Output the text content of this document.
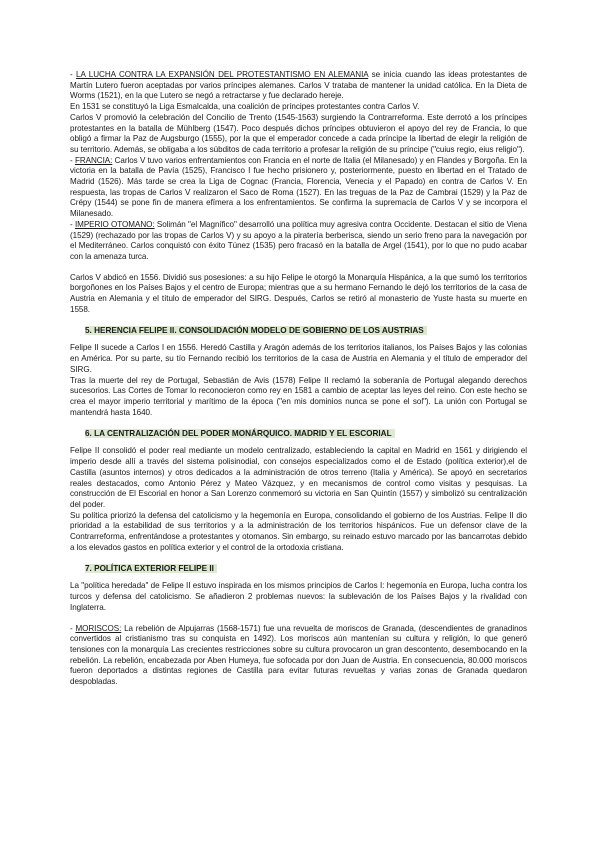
- LA LUCHA CONTRA LA EXPANSIÓN DEL PROTESTANTISMO EN ALEMANIA se inicia cuando las ideas protestantes de Martín Lutero fueron aceptadas por varios príncipes alemanes. Carlos V trataba de mantener la unidad católica. En la Dieta de Worms (1521), en la que Lutero se negó a retractarse y fue declarado hereje.

En 1531 se constituyó la Liga Esmalcalda, una coalición de príncipes protestantes contra Carlos V.

Carlos V promovió la celebración del Concilio de Trento (1545-1563) surgiendo la Contrarreforma. Este derrotó a los príncipes protestantes en la batalla de Mühlberg (1547). Poco después dichos príncipes obtuvieron el apoyo del rey de Francia, lo que obligó a firmar la Paz de Augsburgo (1555), por la que el emperador concede a cada príncipe la libertad de elegir la religión de su territorio. Además, se obligaba a los súbditos de cada territorio a profesar la religión de su príncipe ("cuius regio, eius religio").

- FRANCIA: Carlos V tuvo varios enfrentamientos con Francia en el norte de Italia (el Milanesado) y en Flandes y Borgoña. En la victoria en la batalla de Pavía (1525), Francisco I fue hecho prisionero y, posteriormente, puesto en libertad en el Tratado de Madrid (1526). Más tarde se crea la Liga de Cognac (Francia, Florencia, Venecia y el Papado) en contra de Carlos V. En respuesta, las tropas de Carlos V realizaron el Saco de Roma (1527). En las treguas de la Paz de Cambrai (1529) y la Paz de Crépy (1544) se pone fin de manera efímera a los enfrentamientos. Se confirma la supremacía de Carlos V y se incorpora el Milanesado.

- IMPERIO OTOMANO: Solimán "el Magnífico" desarrolló una política muy agresiva contra Occidente. Destacan el sitio de Viena (1529) (rechazado por las tropas de Carlos V) y su apoyo a la piratería berberisca, siendo un serio freno para la navegación por el Mediterráneo. Carlos conquistó con éxito Túnez (1535) pero fracasó en la batalla de Argel (1541), por lo que no pudo acabar con la amenaza turca.

Carlos V abdicó en 1556. Dividió sus posesiones: a su hijo Felipe le otorgó la Monarquía Hispánica, a la que sumó los territorios borgoñones en los Países Bajos y el centro de Europa; mientras que a su hermano Fernando le dejó los territorios de la casa de Austria en Alemania y el título de emperador del SIRG. Después, Carlos se retiró al monasterio de Yuste hasta su muerte en 1558.

5. HERENCIA FELIPE II. CONSOLIDACIÓN MODELO DE GOBIERNO DE LOS AUSTRIAS

Felipe II sucede a Carlos I en 1556. Heredó Castilla y Aragón además de los territorios italianos, los Países Bajos y las colonias en América. Por su parte, su tío Fernando recibió los territorios de la casa de Austria en Alemania y el título de emperador del SIRG.

Tras la muerte del rey de Portugal, Sebastián de Avis (1578) Felipe II reclamó la soberanía de Portugal alegando derechos sucesorios. Las Cortes de Tomar lo reconocieron como rey en 1581 a cambio de aceptar las leyes del reino. Con este hecho se crea el mayor imperio territorial y marítimo de la época ("en mis dominios nunca se pone el sol"). La unión con Portugal se mantendrá hasta 1640.

6. LA CENTRALIZACIÓN DEL PODER MONÁRQUICO. MADRID Y EL ESCORIAL

Felipe II consolidó el poder real mediante un modelo centralizado, estableciendo la capital en Madrid en 1561 y dirigiendo el imperio desde allí a través del sistema polisinodial, con consejos especializados como el de Estado (política exterior),el de Castilla (asuntos internos) y otros dedicados a la administración de otros terreno (Italia y América). Se apoyó en secretarios reales destacados, como Antonio Pérez y Mateo Vázquez, y en mecanismos de control como visitas y pesquisas. La construcción de El Escorial en honor a San Lorenzo conmemoró su victoria en San Quintín (1557) y simbolizó su centralización del poder.

Su política priorizó la defensa del catolicismo y la hegemonía en Europa, consolidando el gobierno de los Austrias. Felipe II dio prioridad a la estabilidad de sus territorios y a la administración de los territorios hispánicos. Fue un defensor clave de la Contrarreforma, enfrentándose a protestantes y otomanos. Sin embargo, su reinado estuvo marcado por las bancarrotas debido a los elevados gastos en política exterior y el control de la ortodoxia cristiana.

7. POLÍTICA EXTERIOR FELIPE II

La "política heredada" de Felipe II estuvo inspirada en los mismos principios de Carlos I: hegemonía en Europa, lucha contra los turcos y defensa del catolicismo. Se añadieron 2 problemas nuevos: la sublevación de los Países Bajos y la rivalidad con Inglaterra.

- MORISCOS: La rebelión de Alpujarras (1568-1571) fue una revuelta de moriscos de Granada, (descendientes de granadinos convertidos al cristianismo tras su conquista en 1492). Los moriscos aún mantenían su cultura y religión, lo que generó tensiones con la monarquía Las crecientes restricciones sobre su cultura provocaron un gran descontento, desembocando en la rebelión. La rebelión, encabezada por Aben Humeya, fue sofocada por don Juan de Austria. En consecuencia, 80.000 moriscos fueron deportados a distintas regiones de Castilla para evitar futuras revueltas y varias zonas de Granada quedaron despobladas.
